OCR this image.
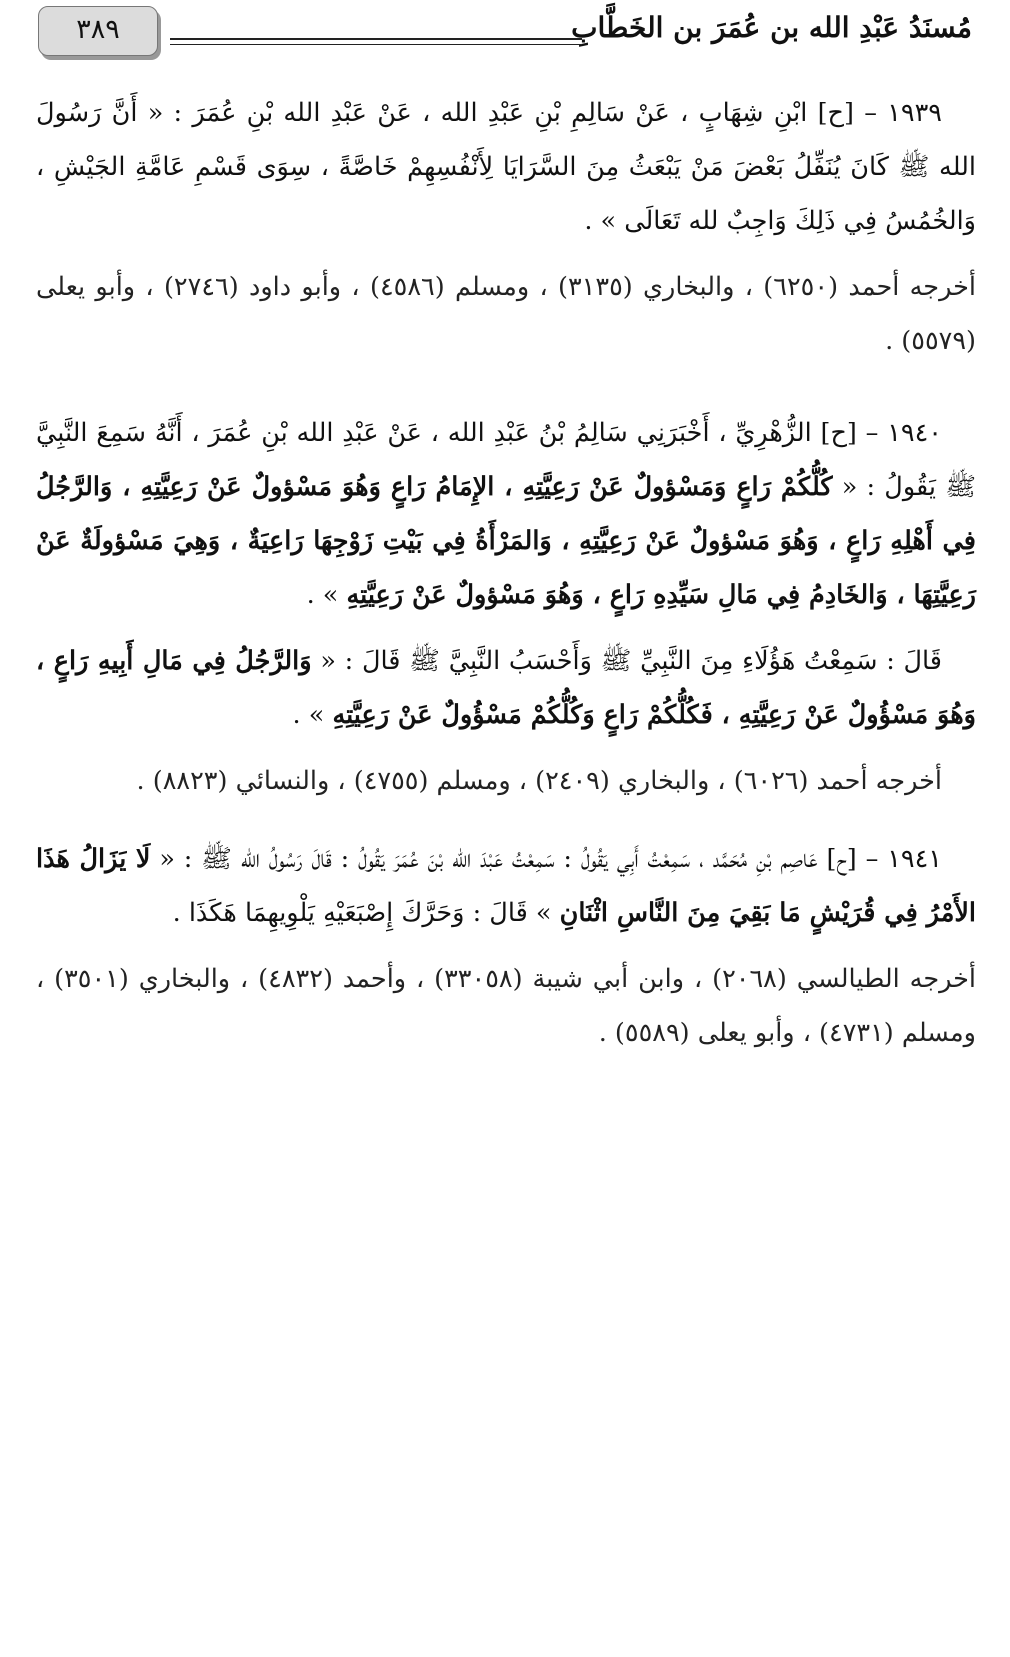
مُسنَدُ عَبْدِ الله بن عُمَرَ بن الخَطَّابِ
٣٨٩

١٩٣٩ – [ح] ابْنِ شِهَابٍ ، عَنْ سَالِمِ بْنِ عَبْدِ الله ، عَنْ عَبْدِ الله بْنِ عُمَرَ : « أَنَّ رَسُولَ الله ﷺ كَانَ يُنَفِّلُ بَعْضَ مَنْ يَبْعَثُ مِنَ السَّرَايَا لِأَنْفُسِهِمْ خَاصَّةً ، سِوَى قَسْمِ عَامَّةِ الجَيْشِ ، وَالخُمُسُ فِي ذَلِكَ وَاجِبٌ لله تَعَالَى » .

أخرجه أحمد (٦٢٥٠) ، والبخاري (٣١٣٥) ، ومسلم (٤٥٨٦) ، وأبو داود (٢٧٤٦) ، وأبو يعلى (٥٥٧٩) .

١٩٤٠ – [ح] الزُّهْرِيِّ ، أَخْبَرَنِي سَالِمُ بْنُ عَبْدِ الله ، عَنْ عَبْدِ الله بْنِ عُمَرَ ، أَنَّهُ سَمِعَ النَّبِيَّ ﷺ يَقُولُ : « كُلُّكُمْ رَاعٍ وَمَسْؤولٌ عَنْ رَعِيَّتِهِ ، الإِمَامُ رَاعٍ وَهُوَ مَسْؤولٌ عَنْ رَعِيَّتِهِ ، وَالرَّجُلُ فِي أَهْلِهِ رَاعٍ ، وَهُوَ مَسْؤولٌ عَنْ رَعِيَّتِهِ ، وَالمَرْأَةُ فِي بَيْتِ زَوْجِهَا رَاعِيَةٌ ، وَهِيَ مَسْؤولَةٌ عَنْ رَعِيَّتِهَا ، وَالخَادِمُ فِي مَالِ سَيِّدِهِ رَاعٍ ، وَهُوَ مَسْؤولٌ عَنْ رَعِيَّتِهِ » .

قَالَ : سَمِعْتُ هَؤُلَاءِ مِنَ النَّبِيِّ ﷺ وَأَحْسَبُ النَّبِيَّ ﷺ قَالَ : « وَالرَّجُلُ فِي مَالِ أَبِيهِ رَاعٍ ، وَهُوَ مَسْؤُولٌ عَنْ رَعِيَّتِهِ ، فَكُلُّكُمْ رَاعٍ وَكُلُّكُمْ مَسْؤُولٌ عَنْ رَعِيَّتِهِ » .

أخرجه أحمد (٦٠٢٦) ، والبخاري (٢٤٠٩) ، ومسلم (٤٧٥٥) ، والنسائي (٨٨٢٣) .

١٩٤١ – [ح] عَاصِم بْنِ مُحَمَّد ، سَمِعْتُ أَبِي يَقُولُ : سَمِعْتُ عَبْدَ الله بْنَ عُمَرَ يَقُولُ : قَالَ رَسُولُ الله ﷺ : « لَا يَزَالُ هَذَا الأَمْرُ فِي قُرَيْشٍ مَا بَقِيَ مِنَ النَّاسِ اثْنَانِ » قَالَ : وَحَرَّكَ إِصْبَعَيْهِ يَلْوِيهِمَا هَكَذَا .

أخرجه الطيالسي (٢٠٦٨) ، وابن أبي شيبة (٣٣٠٥٨) ، وأحمد (٤٨٣٢) ، والبخاري (٣٥٠١) ، ومسلم (٤٧٣١) ، وأبو يعلى (٥٥٨٩) .
